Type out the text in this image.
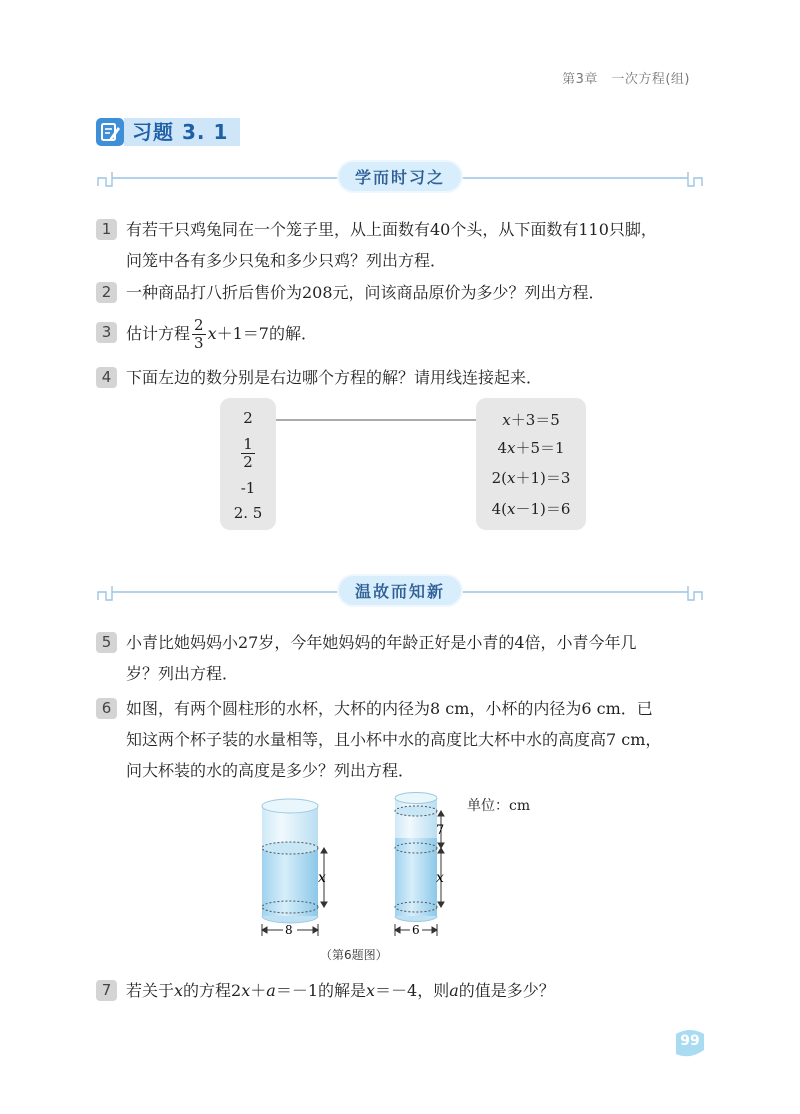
第3章　一次方程(组)
习题 3. 1
学而时习之
1 有若干只鸡兔同在一个笼子里，从上面数有40个头，从下面数有110只脚，
问笼中各有多少只兔和多少只鸡？列出方程．
2 一种商品打八折后售价为208元，问该商品原价为多少？列出方程．
3 估计方程 $\frac{2}{3} x+1=7$的解．
4 下面左边的数分别是右边哪个方程的解？请用线连接起来．
2
$\frac{1}{2}$
-1
2. 5
x＋3＝5
4x＋5＝1
2(x＋1)＝3
4(x－1)＝6
温故而知新
5 小青比她妈妈小27岁，今年她妈妈的年龄正好是小青的4倍，小青今年几
岁？列出方程．
6 如图，有两个圆柱形的水杯，大杯的内径为8 cm，小杯的内径为6 cm．已
知这两个杯子装的水量相等，且小杯中水的高度比大杯中水的高度高7 cm，
问大杯装的水的高度是多少？列出方程．
x
7
x
8	6
单位：cm
（第6题图）
7 若关于x的方程2x＋a＝－1的解是x＝－4，则a的值是多少？
99
